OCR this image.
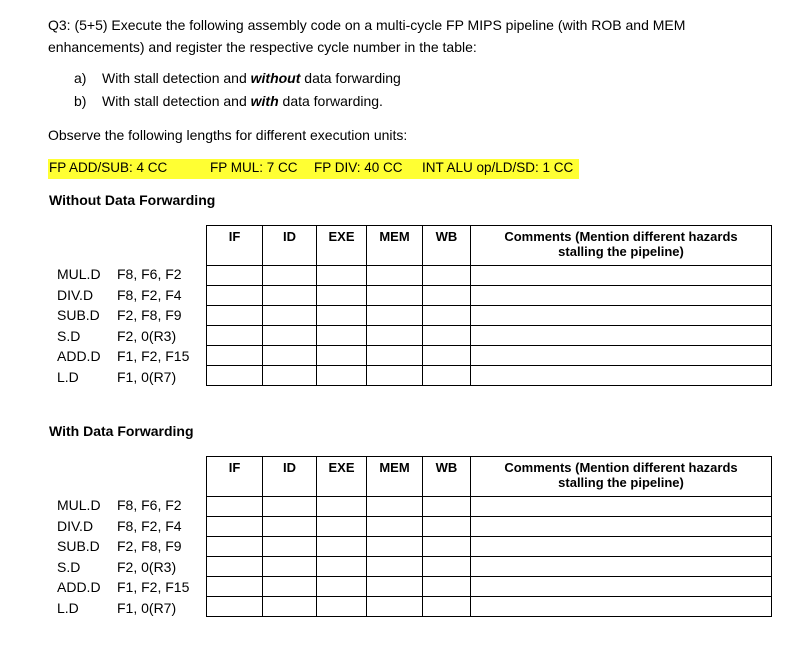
Q3: (5+5) Execute the following assembly code on a multi-cycle FP MIPS pipeline (with ROB and MEM
enhancements) and register the respective cycle number in the table:
a) With stall detection and without data forwarding
b) With stall detection and with data forwarding.
Observe the following lengths for different execution units:
FP ADD/SUB: 4 CC	FP MUL: 7 CC FP DIV: 40 CC INT ALU op/LD/SD: 1 CC
Without Data Forwarding
IF	ID	EXE	MEM	WB	Comments (Mention different hazards
stalling the pipeline)

MUL.D F8, F6, F2
DIV.D F8, F2, F4
SUB.D F2, F8, F9
S.D	F2, 0(R3)
ADD.D F1, F2, F15
L.D	F1, 0(R7)
With Data Forwarding
IF	ID	EXE	MEM	WB	Comments (Mention different hazards
stalling the pipeline)

MUL.D F8, F6, F2
DIV.D F8, F2, F4
SUB.D F2, F8, F9
S.D	F2, 0(R3)
ADD.D F1, F2, F15
L.D	F1, 0(R7)
